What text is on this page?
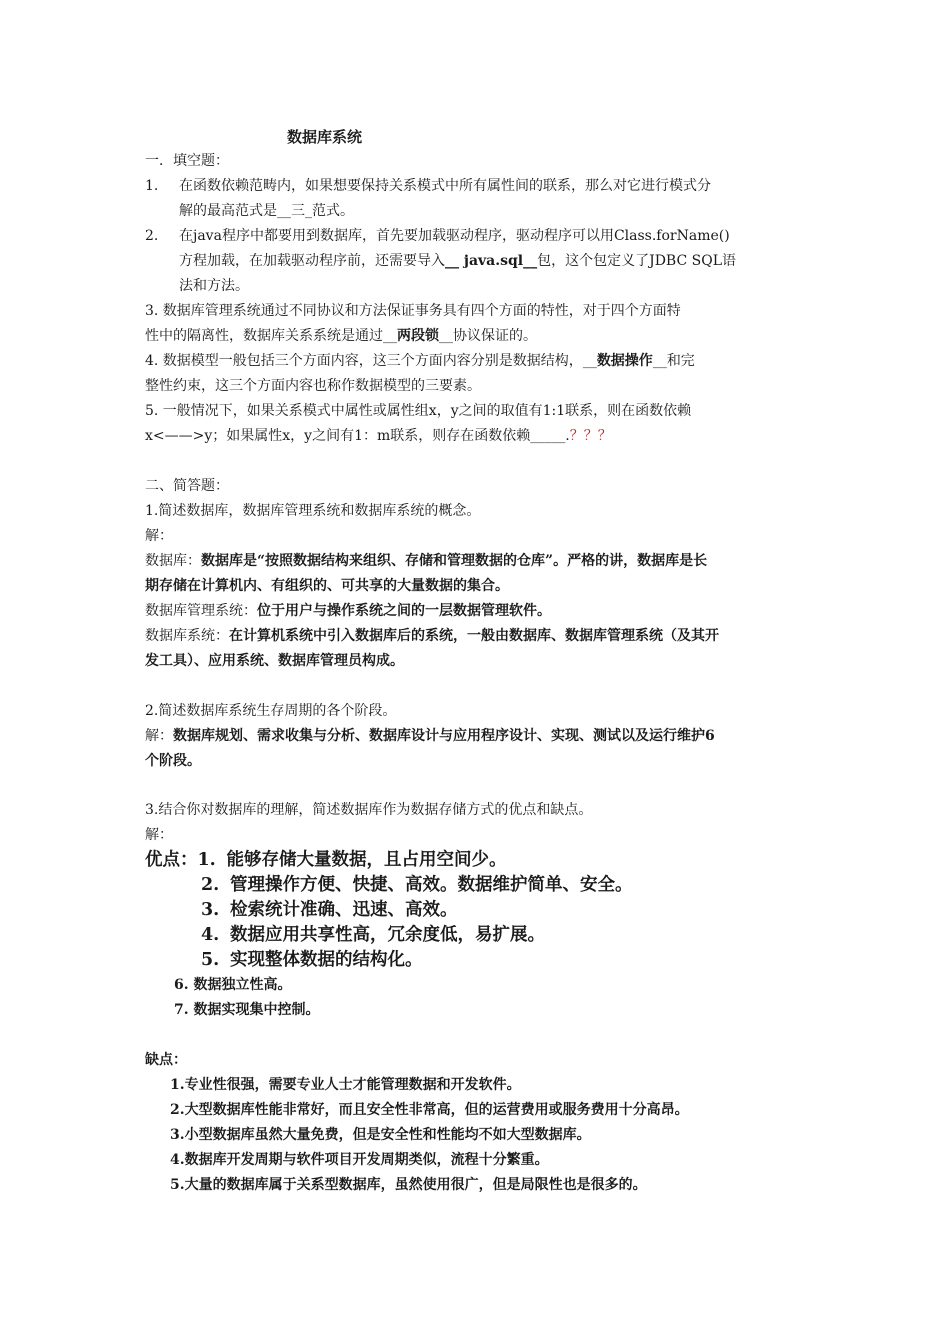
数据库系统
一．填空题：
1. 在函数依赖范畴内，如果想要保持关系模式中所有属性间的联系，那么对它进行模式分
解的最高范式是__三_范式。
2. 在java程序中都要用到数据库，首先要加载驱动程序，驱动程序可以用Class.forName()
方程加载，在加载驱动程序前，还需要导入__ java.sql__包，这个包定义了JDBC SQL语
法和方法。
3. 数据库管理系统通过不同协议和方法保证事务具有四个方面的特性，对于四个方面特
性中的隔离性，数据库关系系统是通过__两段锁__协议保证的。
4. 数据模型一般包括三个方面内容，这三个方面内容分别是数据结构，__数据操作__和完
整性约束，这三个方面内容也称作数据模型的三要素。
5. 一般情况下，如果关系模式中属性或属性组x，y之间的取值有1:1联系，则在函数依赖
x<——>y；如果属性x，y之间有1：m联系，则存在函数依赖_____.？？？
二、简答题：
1.简述数据库，数据库管理系统和数据库系统的概念。
解：
数据库：数据库是“按照数据结构来组织、存储和管理数据的仓库”。严格的讲，数据库是长
期存储在计算机内、有组织的、可共享的大量数据的集合。
数据库管理系统：位于用户与操作系统之间的一层数据管理软件。
数据库系统：在计算机系统中引入数据库后的系统，一般由数据库、数据库管理系统（及其开
发工具）、应用系统、数据库管理员构成。
2.简述数据库系统生存周期的各个阶段。
解：数据库规划、需求收集与分析、数据库设计与应用程序设计、实现、测试以及运行维护6
个阶段。
3.结合你对数据库的理解，简述数据库作为数据存储方式的优点和缺点。
解：
优点：1. 能够存储大量数据，且占用空间少。
2. 管理操作方便、快捷、高效。数据维护简单、安全。
3. 检索统计准确、迅速、高效。
4. 数据应用共享性高，冗余度低，易扩展。
5. 实现整体数据的结构化。
6. 数据独立性高。
7. 数据实现集中控制。
缺点：
1.专业性很强，需要专业人士才能管理数据和开发软件。
2.大型数据库性能非常好，而且安全性非常高，但的运营费用或服务费用十分高昂。
3.小型数据库虽然大量免费，但是安全性和性能均不如大型数据库。
4.数据库开发周期与软件项目开发周期类似，流程十分繁重。
5.大量的数据库属于关系型数据库，虽然使用很广，但是局限性也是很多的。
